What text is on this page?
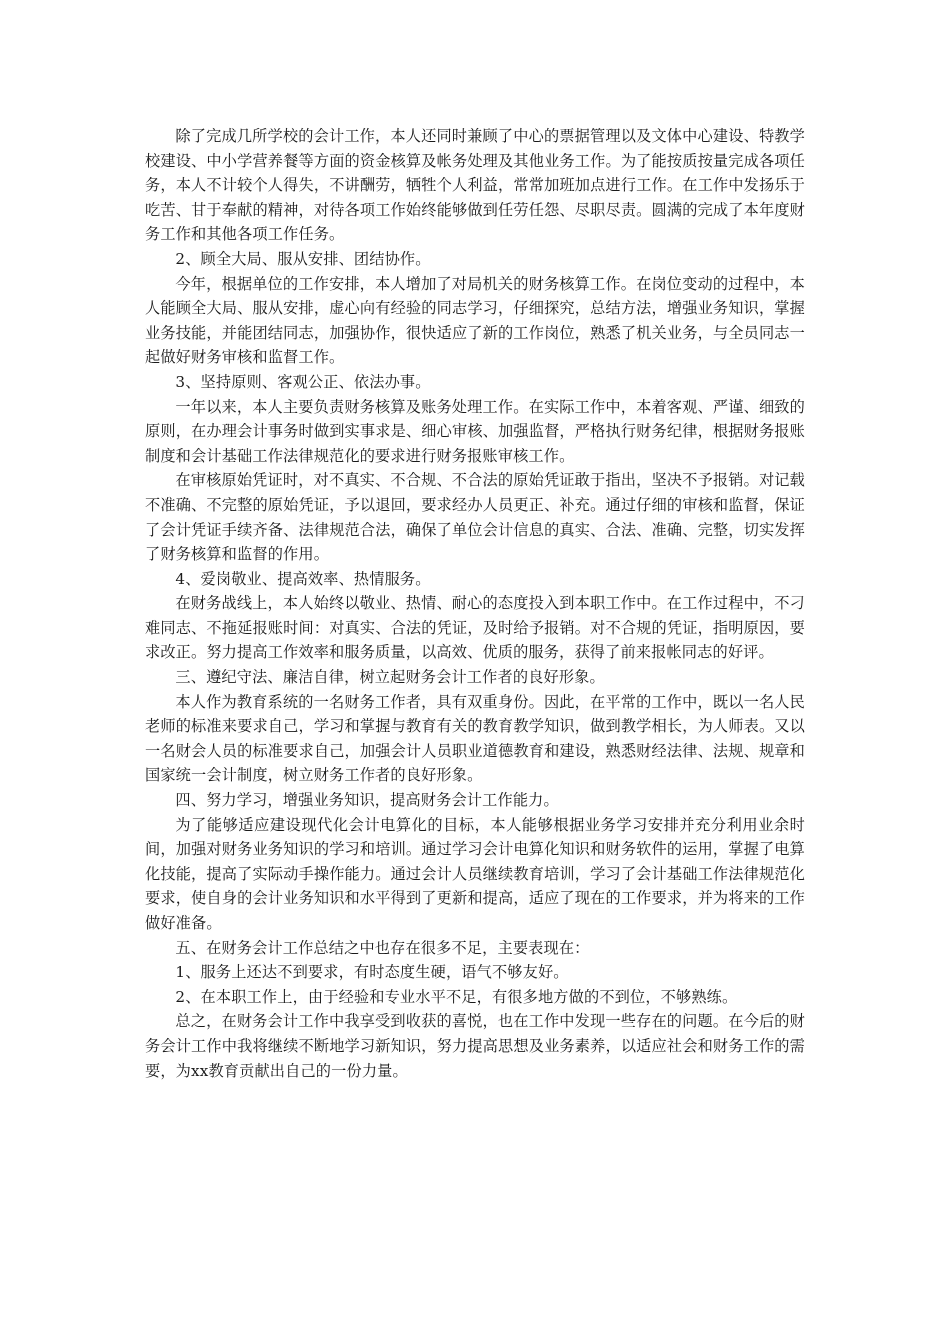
除了完成几所学校的会计工作，本人还同时兼顾了中心的票据管理以及文体中心建设、特教学校建设、中小学营养餐等方面的资金核算及帐务处理及其他业务工作。为了能按质按量完成各项任务，本人不计较个人得失，不讲酬劳，牺牲个人利益，常常加班加点进行工作。在工作中发扬乐于吃苦、甘于奉献的精神，对待各项工作始终能够做到任劳任怨、尽职尽责。圆满的完成了本年度财务工作和其他各项工作任务。

2、顾全大局、服从安排、团结协作。

今年，根据单位的工作安排，本人增加了对局机关的财务核算工作。在岗位变动的过程中，本人能顾全大局、服从安排，虚心向有经验的同志学习，仔细探究，总结方法，增强业务知识，掌握业务技能，并能团结同志，加强协作，很快适应了新的工作岗位，熟悉了机关业务，与全员同志一起做好财务审核和监督工作。

3、坚持原则、客观公正、依法办事。

一年以来，本人主要负责财务核算及账务处理工作。在实际工作中，本着客观、严谨、细致的原则，在办理会计事务时做到实事求是、细心审核、加强监督，严格执行财务纪律，根据财务报账制度和会计基础工作法律规范化的要求进行财务报账审核工作。

在审核原始凭证时，对不真实、不合规、不合法的原始凭证敢于指出，坚决不予报销。对记载不准确、不完整的原始凭证，予以退回，要求经办人员更正、补充。通过仔细的审核和监督，保证了会计凭证手续齐备、法律规范合法，确保了单位会计信息的真实、合法、准确、完整，切实发挥了财务核算和监督的作用。

4、爱岗敬业、提高效率、热情服务。

在财务战线上，本人始终以敬业、热情、耐心的态度投入到本职工作中。在工作过程中，不刁难同志、不拖延报账时间：对真实、合法的凭证，及时给予报销。对不合规的凭证，指明原因，要求改正。努力提高工作效率和服务质量，以高效、优质的服务，获得了前来报帐同志的好评。

三、遵纪守法、廉洁自律，树立起财务会计工作者的良好形象。

本人作为教育系统的一名财务工作者，具有双重身份。因此，在平常的工作中，既以一名人民老师的标准来要求自己，学习和掌握与教育有关的教育教学知识，做到教学相长，为人师表。又以一名财会人员的标准要求自己，加强会计人员职业道德教育和建设，熟悉财经法律、法规、规章和国家统一会计制度，树立财务工作者的良好形象。

四、努力学习，增强业务知识，提高财务会计工作能力。

为了能够适应建设现代化会计电算化的目标，本人能够根据业务学习安排并充分利用业余时间，加强对财务业务知识的学习和培训。通过学习会计电算化知识和财务软件的运用，掌握了电算化技能，提高了实际动手操作能力。通过会计人员继续教育培训，学习了会计基础工作法律规范化要求，使自身的会计业务知识和水平得到了更新和提高，适应了现在的工作要求，并为将来的工作做好准备。

五、在财务会计工作总结之中也存在很多不足，主要表现在：

1、服务上还达不到要求，有时态度生硬，语气不够友好。

2、在本职工作上，由于经验和专业水平不足，有很多地方做的不到位，不够熟练。

总之，在财务会计工作中我享受到收获的喜悦，也在工作中发现一些存在的问题。在今后的财务会计工作中我将继续不断地学习新知识，努力提高思想及业务素养，以适应社会和财务工作的需要，为xx教育贡献出自己的一份力量。
